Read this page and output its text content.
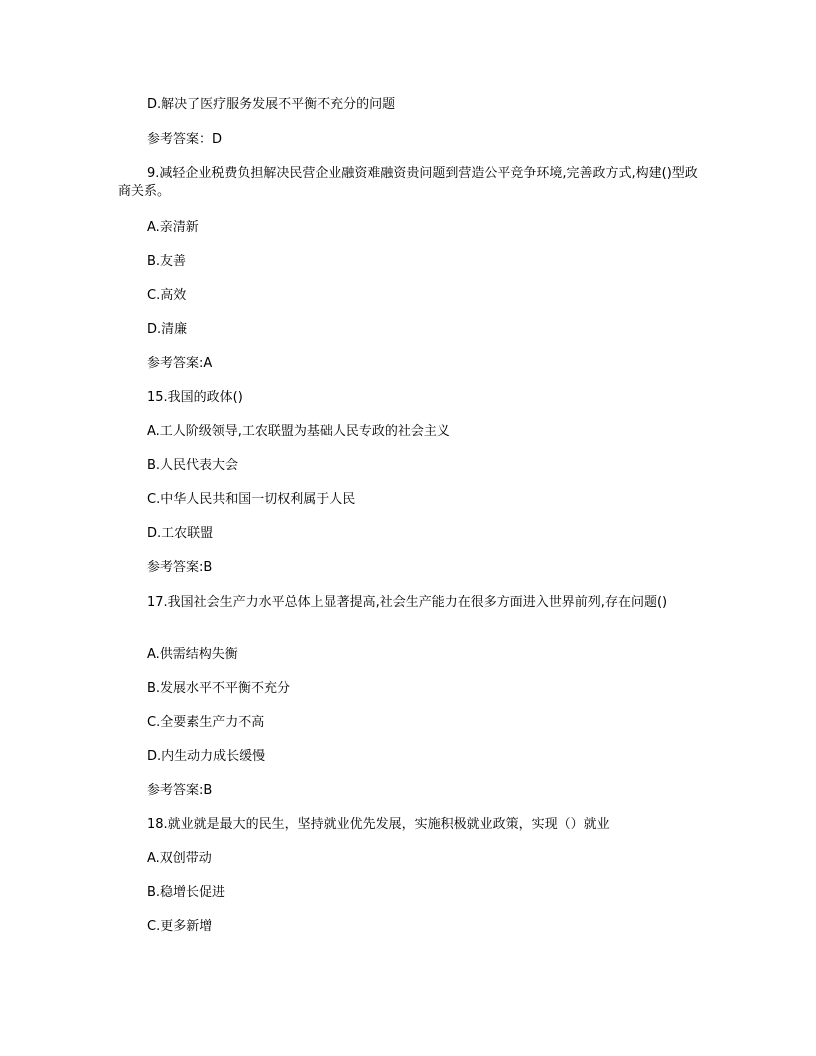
D.解决了医疗服务发展不平衡不充分的问题
参考答案：D
9.减轻企业税费负担解决民营企业融资难融资贵问题到营造公平竞争环境,完善政方式,构建()型政商关系。
A.亲清新
B.友善
C.高效
D.清廉
参考答案:A
15.我国的政体()
A.工人阶级领导,工农联盟为基础人民专政的社会主义
B.人民代表大会
C.中华人民共和国一切权利属于人民
D.工农联盟
参考答案:B
17.我国社会生产力水平总体上显著提高,社会生产能力在很多方面进入世界前列,存在问题()
A.供需结构失衡
B.发展水平不平衡不充分
C.全要素生产力不高
D.内生动力成长缓慢
参考答案:B
18.就业就是最大的民生，坚持就业优先发展，实施积极就业政策，实现（）就业
A.双创带动
B.稳增长促进
C.更多新增
